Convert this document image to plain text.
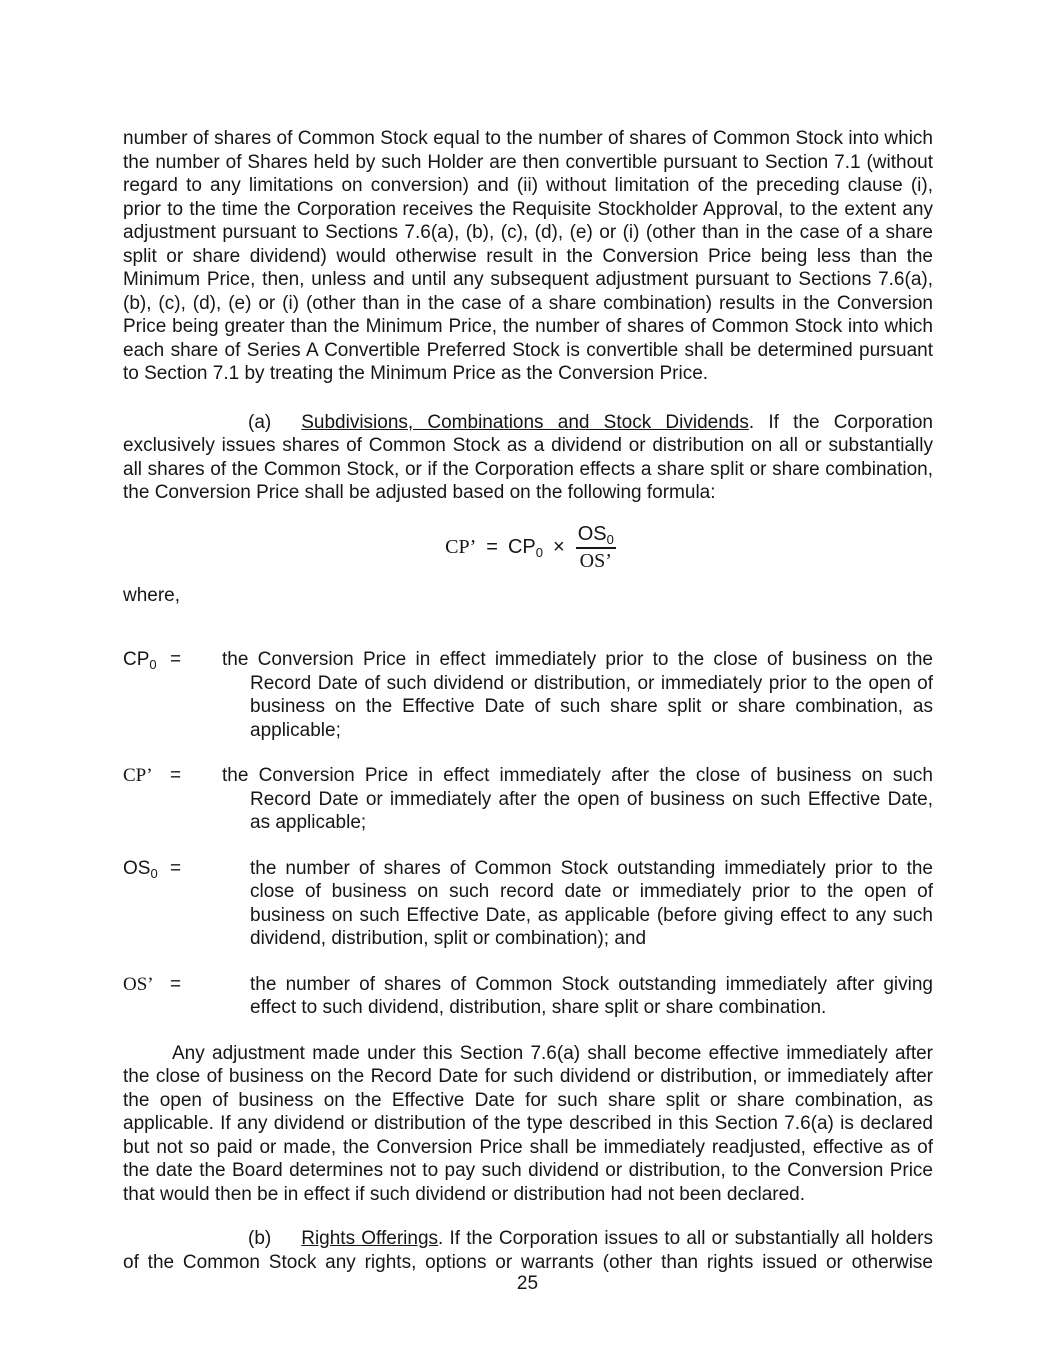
number of shares of Common Stock equal to the number of shares of Common Stock into which the number of Shares held by such Holder are then convertible pursuant to Section 7.1 (without regard to any limitations on conversion) and (ii) without limitation of the preceding clause (i), prior to the time the Corporation receives the Requisite Stockholder Approval, to the extent any adjustment pursuant to Sections 7.6(a), (b), (c), (d), (e) or (i) (other than in the case of a share split or share dividend) would otherwise result in the Conversion Price being less than the Minimum Price, then, unless and until any subsequent adjustment pursuant to Sections 7.6(a), (b), (c), (d), (e) or (i) (other than in the case of a share combination) results in the Conversion Price being greater than the Minimum Price, the number of shares of Common Stock into which each share of Series A Convertible Preferred Stock is convertible shall be determined pursuant to Section 7.1 by treating the Minimum Price as the Conversion Price.

(a) Subdivisions, Combinations and Stock Dividends. If the Corporation exclusively issues shares of Common Stock as a dividend or distribution on all or substantially all shares of the Common Stock, or if the Corporation effects a share split or share combination, the Conversion Price shall be adjusted based on the following formula:

CP’ = $CP_0 \times \frac{OS_0}{OS’}$

where,

$CP_0$ =	the Conversion Price in effect immediately prior to the close of business on the Record Date of such dividend or distribution, or immediately prior to the open of business on the Effective Date of such share split or share combination, as applicable;
CP’ =	the Conversion Price in effect immediately after the close of business on such Record Date or immediately after the open of business on such Effective Date, as applicable;
$OS_0$ =	the number of shares of Common Stock outstanding immediately prior to the close of business on such record date or immediately prior to the open of business on such Effective Date, as applicable (before giving effect to any such dividend, distribution, split or combination); and
OS’ =	the number of shares of Common Stock outstanding immediately after giving effect to such dividend, distribution, share split or share combination.

Any adjustment made under this Section 7.6(a) shall become effective immediately after the close of business on the Record Date for such dividend or distribution, or immediately after the open of business on the Effective Date for such share split or share combination, as applicable. If any dividend or distribution of the type described in this Section 7.6(a) is declared but not so paid or made, the Conversion Price shall be immediately readjusted, effective as of the date the Board determines not to pay such dividend or distribution, to the Conversion Price that would then be in effect if such dividend or distribution had not been declared.

(b) Rights Offerings. If the Corporation issues to all or substantially all holders of the Common Stock any rights, options or warrants (other than rights issued or otherwise

25
